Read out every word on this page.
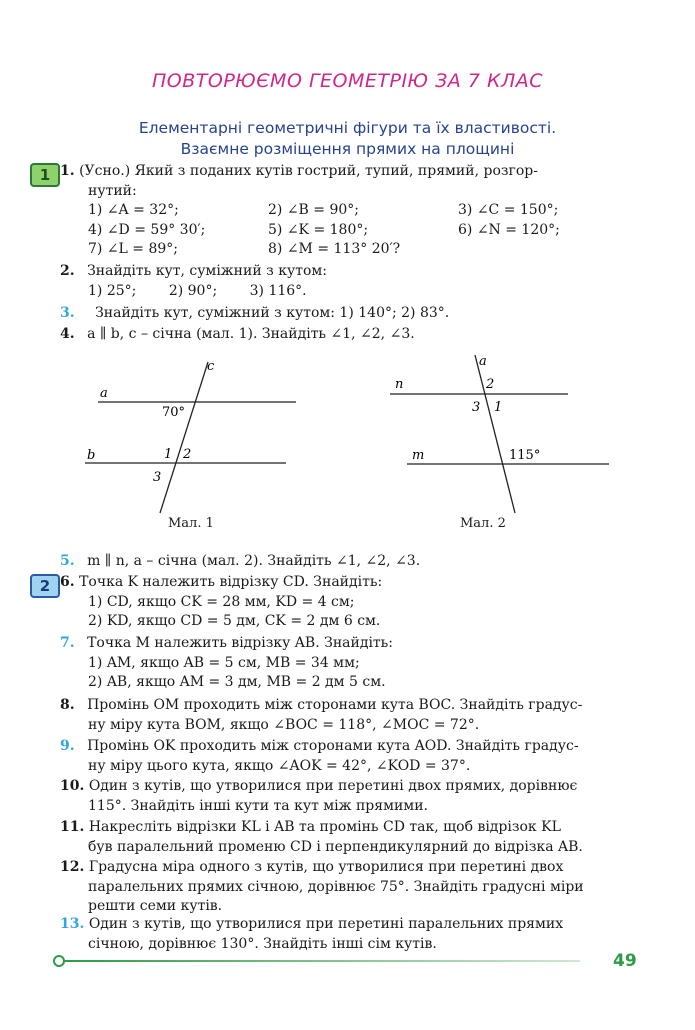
ПОВТОРЮЄМО ГЕОМЕТРІЮ ЗА 7 КЛАС
Елементарні геометричні фігури та їх властивості.
Взаємне розміщення прямих на площині
1 1. (Усно.) Який з поданих кутів гострий, тупий, прямий, розгор-
нутий:
1) ∠A = 32°;	2) ∠B = 90°;	3) ∠C = 150°;
4) ∠D = 59° 30′;	5) ∠K = 180°;	6) ∠N = 120°;
7) ∠L = 89°;	8) ∠M = 113° 20′?
2. Знайдіть кут, суміжний з кутом:
1) 25°; 2) 90°; 3) 116°.
3. Знайдіть кут, суміжний з кутом: 1) 140°; 2) 83°.
4. a ∥ b, c – січна (мал. 1). Знайдіть ∠1, ∠2, ∠3.
a
b
c
70°
1 2
3
Мал. 1
a
n
m	115°
1
2
3
Мал. 2
5. m ∥ n, a – січна (мал. 2). Знайдіть ∠1, ∠2, ∠3.
2 6. Точка K належить відрізку CD. Знайдіть:
1) CD, якщо CK = 28 мм, KD = 4 см;
2) KD, якщо CD = 5 дм, CK = 2 дм 6 см.
7. Точка M належить відрізку AB. Знайдіть:
1) AM, якщо AB = 5 см, MB = 34 мм;
2) AB, якщо AM = 3 дм, MB = 2 дм 5 см.
8. Промінь OM проходить між сторонами кута BOC. Знайдіть градус-
ну міру кута BOM, якщо ∠BOC = 118°, ∠MOC = 72°.
9. Промінь OK проходить між сторонами кута AOD. Знайдіть градус-
ну міру цього кута, якщо ∠AOK = 42°, ∠KOD = 37°.
10. Один з кутів, що утворилися при перетині двох прямих, дорівнює
115°. Знайдіть інші кути та кут між прямими.
11. Накресліть відрізки KL і AB та промінь CD так, щоб відрізок KL
був паралельний променю CD і перпендикулярний до відрізка AB.
12. Градусна міра одного з кутів, що утворилися при перетині двох
паралельних прямих січною, дорівнює 75°. Знайдіть градусні міри
решти семи кутів.
13. Один з кутів, що утворилися при перетині паралельних прямих
січною, дорівнює 130°. Знайдіть інші сім кутів.
49
